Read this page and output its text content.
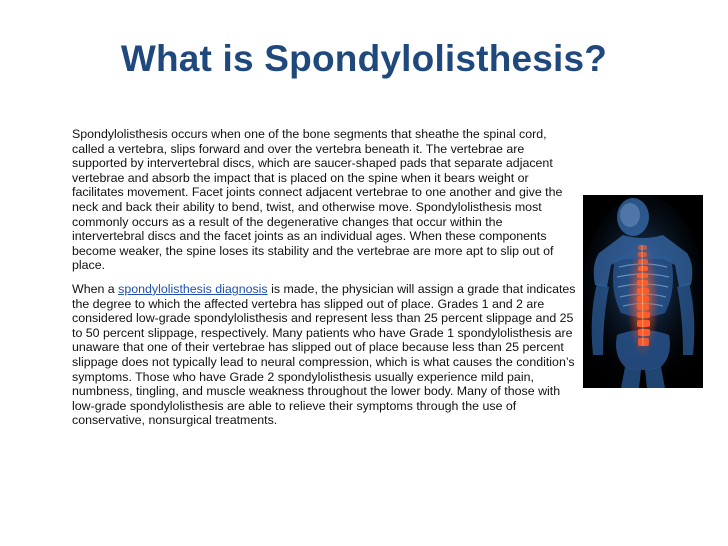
What is Spondylolisthesis?

Spondylolisthesis occurs when one of the bone segments that sheathe the spinal cord, called a vertebra, slips forward and over the vertebra beneath it. The vertebrae are supported by intervertebral discs, which are saucer-shaped pads that separate adjacent vertebrae and absorb the impact that is placed on the spine when it bears weight or facilitates movement. Facet joints connect adjacent vertebrae to one another and give the neck and back their ability to bend, twist, and otherwise move. Spondylolisthesis most commonly occurs as a result of the degenerative changes that occur within the intervertebral discs and the facet joints as an individual ages. When these components become weaker, the spine loses its stability and the vertebrae are more apt to slip out of place.

When a spondylolisthesis diagnosis is made, the physician will assign a grade that indicates the degree to which the affected vertebra has slipped out of place. Grades 1 and 2 are considered low-grade spondylolisthesis and represent less than 25 percent slippage and 25 to 50 percent slippage, respectively. Many patients who have Grade 1 spondylolisthesis are unaware that one of their vertebrae has slipped out of place because less than 25 percent slippage does not typically lead to neural compression, which is what causes the condition’s symptoms. Those who have Grade 2 spondylolisthesis usually experience mild pain, numbness, tingling, and muscle weakness throughout the lower body. Many of those with low-grade spondylolisthesis are able to relieve their symptoms through the use of conservative, nonsurgical treatments.
